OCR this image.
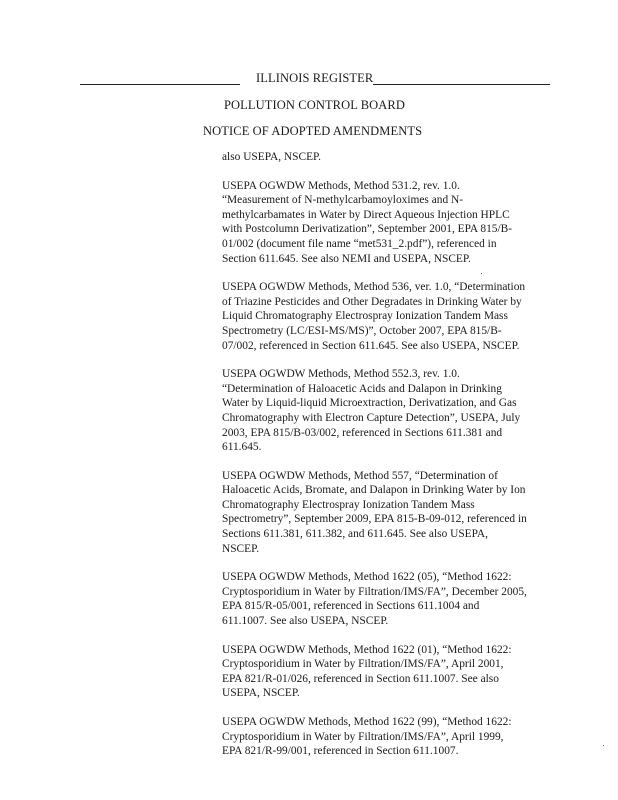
ILLINOIS REGISTER
POLLUTION CONTROL BOARD
NOTICE OF ADOPTED AMENDMENTS

also USEPA, NSCEP.

USEPA OGWDW Methods, Method 531.2, rev. 1.0.
“Measurement of N-methylcarbamoyloximes and N-
methylcarbamates in Water by Direct Aqueous Injection HPLC
with Postcolumn Derivatization”, September 2001, EPA 815/B-
01/002 (document file name “met531_2.pdf”), referenced in
Section 611.645. See also NEMI and USEPA, NSCEP.

USEPA OGWDW Methods, Method 536, ver. 1.0, “Determination
of Triazine Pesticides and Other Degradates in Drinking Water by
Liquid Chromatography Electrospray Ionization Tandem Mass
Spectrometry (LC/ESI-MS/MS)”, October 2007, EPA 815/B-
07/002, referenced in Section 611.645. See also USEPA, NSCEP.

USEPA OGWDW Methods, Method 552.3, rev. 1.0.
“Determination of Haloacetic Acids and Dalapon in Drinking
Water by Liquid-liquid Microextraction, Derivatization, and Gas
Chromatography with Electron Capture Detection”, USEPA, July
2003, EPA 815/B-03/002, referenced in Sections 611.381 and
611.645.

USEPA OGWDW Methods, Method 557, “Determination of
Haloacetic Acids, Bromate, and Dalapon in Drinking Water by Ion
Chromatography Electrospray Ionization Tandem Mass
Spectrometry”, September 2009, EPA 815-B-09-012, referenced in
Sections 611.381, 611.382, and 611.645. See also USEPA,
NSCEP.

USEPA OGWDW Methods, Method 1622 (05), “Method 1622:
Cryptosporidium in Water by Filtration/IMS/FA”, December 2005,
EPA 815/R-05/001, referenced in Sections 611.1004 and
611.1007. See also USEPA, NSCEP.

USEPA OGWDW Methods, Method 1622 (01), “Method 1622:
Cryptosporidium in Water by Filtration/IMS/FA”, April 2001,
EPA 821/R-01/026, referenced in Section 611.1007. See also
USEPA, NSCEP.

USEPA OGWDW Methods, Method 1622 (99), “Method 1622:
Cryptosporidium in Water by Filtration/IMS/FA”, April 1999,
EPA 821/R-99/001, referenced in Section 611.1007.
